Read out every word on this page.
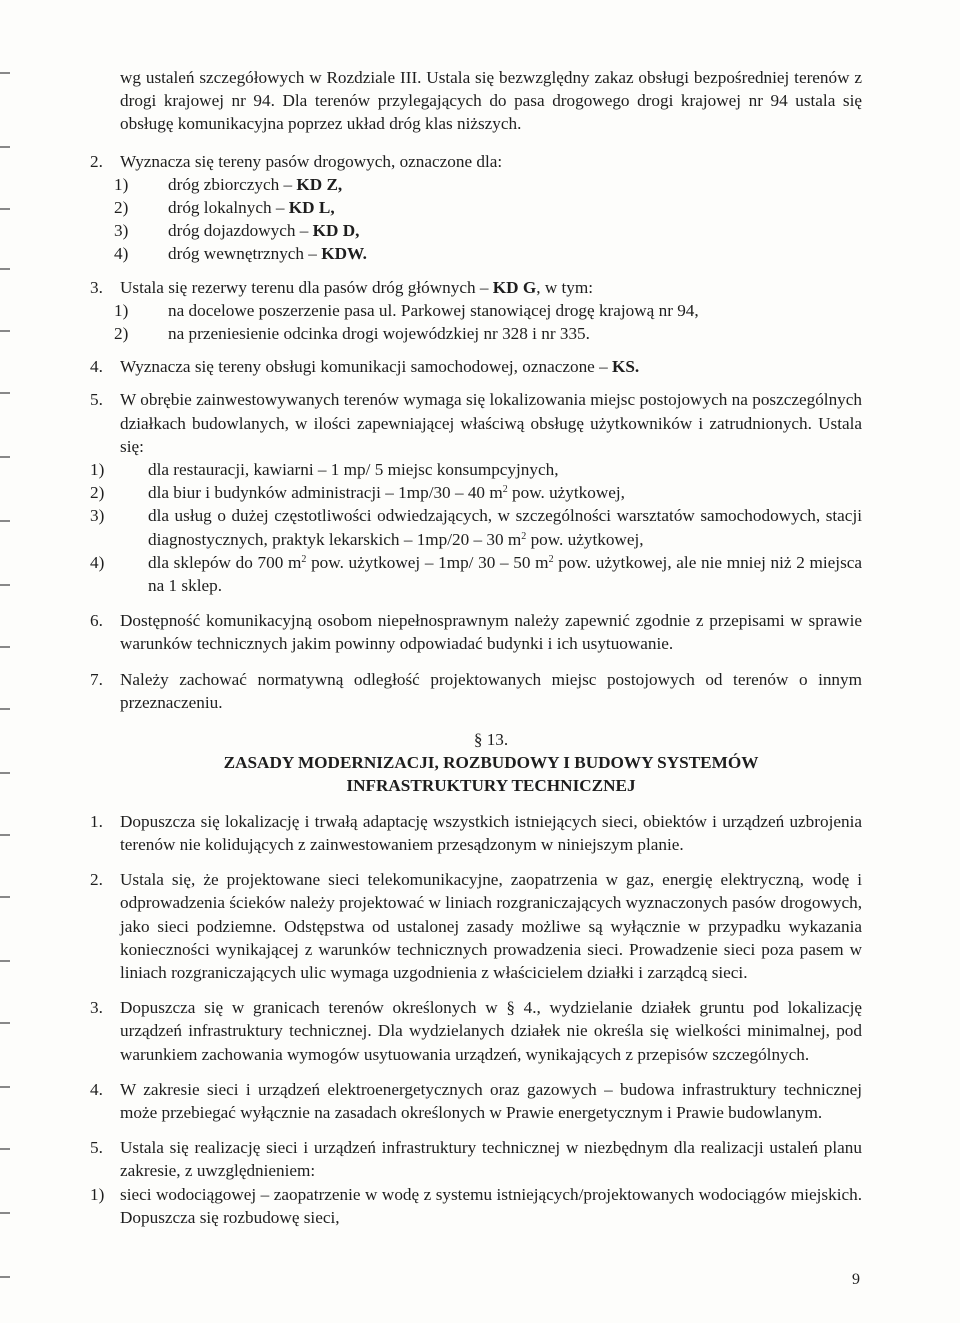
wg ustaleń szczegółowych w Rozdziale III. Ustala się bezwzględny zakaz obsługi bezpośredniej terenów z drogi krajowej nr 94. Dla terenów przylegających do pasa drogowego drogi krajowej nr 94 ustala się obsługę komunikacyjna poprzez układ dróg klas niższych.

2. Wyznacza się tereny pasów drogowych, oznaczone dla:

1)	dróg zbiorczych – KD Z,
2)	dróg lokalnych – KD L,
3)	dróg dojazdowych – KD D,
4)	dróg wewnętrznych – KDW.
3. Ustala się rezerwy terenu dla pasów dróg głównych – KD G, w tym:

1)	na docelowe poszerzenie pasa ul. Parkowej stanowiącej drogę krajową nr 94,
2)	na przeniesienie odcinka drogi wojewódzkiej nr 328 i nr 335.
4. Wyznacza się tereny obsługi komunikacji samochodowej, oznaczone – KS.

5. W obrębie zainwestowywanych terenów wymaga się lokalizowania miejsc postojowych na poszczególnych działkach budowlanych, w ilości zapewniającej właściwą obsługę użytkowników i zatrudnionych. Ustala się:

1)	dla restauracji, kawiarni – 1 mp/ 5 miejsc konsumpcyjnych,
2)	dla biur i budynków administracji – 1mp/30 – 40 $m^2$ pow. użytkowej,
3)	dla usług o dużej częstotliwości odwiedzających, w szczególności warsztatów samochodowych, stacji diagnostycznych, praktyk lekarskich – 1mp/20 – 30 $m^2$ pow. użytkowej,
4)	dla sklepów do 700 $m^2$ pow. użytkowej – 1mp/ 30 – 50 $m^2$ pow. użytkowej, ale nie mniej niż 2 miejsca na 1 sklep.
6. Dostępność komunikacyjną osobom niepełnosprawnym należy zapewnić zgodnie z przepisami w sprawie warunków technicznych jakim powinny odpowiadać budynki i ich usytuowanie.

7. Należy zachować normatywną odległość projektowanych miejsc postojowych od terenów o innym przeznaczeniu.

§ 13.

ZASADY MODERNIZACJI, ROZBUDOWY I BUDOWY SYSTEMÓW

INFRASTRUKTURY TECHNICZNEJ

1. Dopuszcza się lokalizację i trwałą adaptację wszystkich istniejących sieci, obiektów i urządzeń uzbrojenia terenów nie kolidujących z zainwestowaniem przesądzonym w niniejszym planie.

2. Ustala się, że projektowane sieci telekomunikacyjne, zaopatrzenia w gaz, energię elektryczną, wodę i odprowadzenia ścieków należy projektować w liniach rozgraniczających wyznaczonych pasów drogowych, jako sieci podziemne. Odstępstwa od ustalonej zasady możliwe są wyłącznie w przypadku wykazania konieczności wynikającej z warunków technicznych prowadzenia sieci. Prowadzenie sieci poza pasem w liniach rozgraniczających ulic wymaga uzgodnienia z właścicielem działki i zarządcą sieci.

3. Dopuszcza się w granicach terenów określonych w § 4., wydzielanie działek gruntu pod lokalizację urządzeń infrastruktury technicznej. Dla wydzielanych działek nie określa się wielkości minimalnej, pod warunkiem zachowania wymogów usytuowania urządzeń, wynikających z przepisów szczególnych.

4. W zakresie sieci i urządzeń elektroenergetycznych oraz gazowych – budowa infrastruktury technicznej może przebiegać wyłącznie na zasadach określonych w Prawie energetycznym i Prawie budowlanym.

5. Ustala się realizację sieci i urządzeń infrastruktury technicznej w niezbędnym dla realizacji ustaleń planu zakresie, z uwzględnieniem:

1) sieci wodociągowej – zaopatrzenie w wodę z systemu istniejących/projektowanych wodociągów miejskich. Dopuszcza się rozbudowę sieci,

9
